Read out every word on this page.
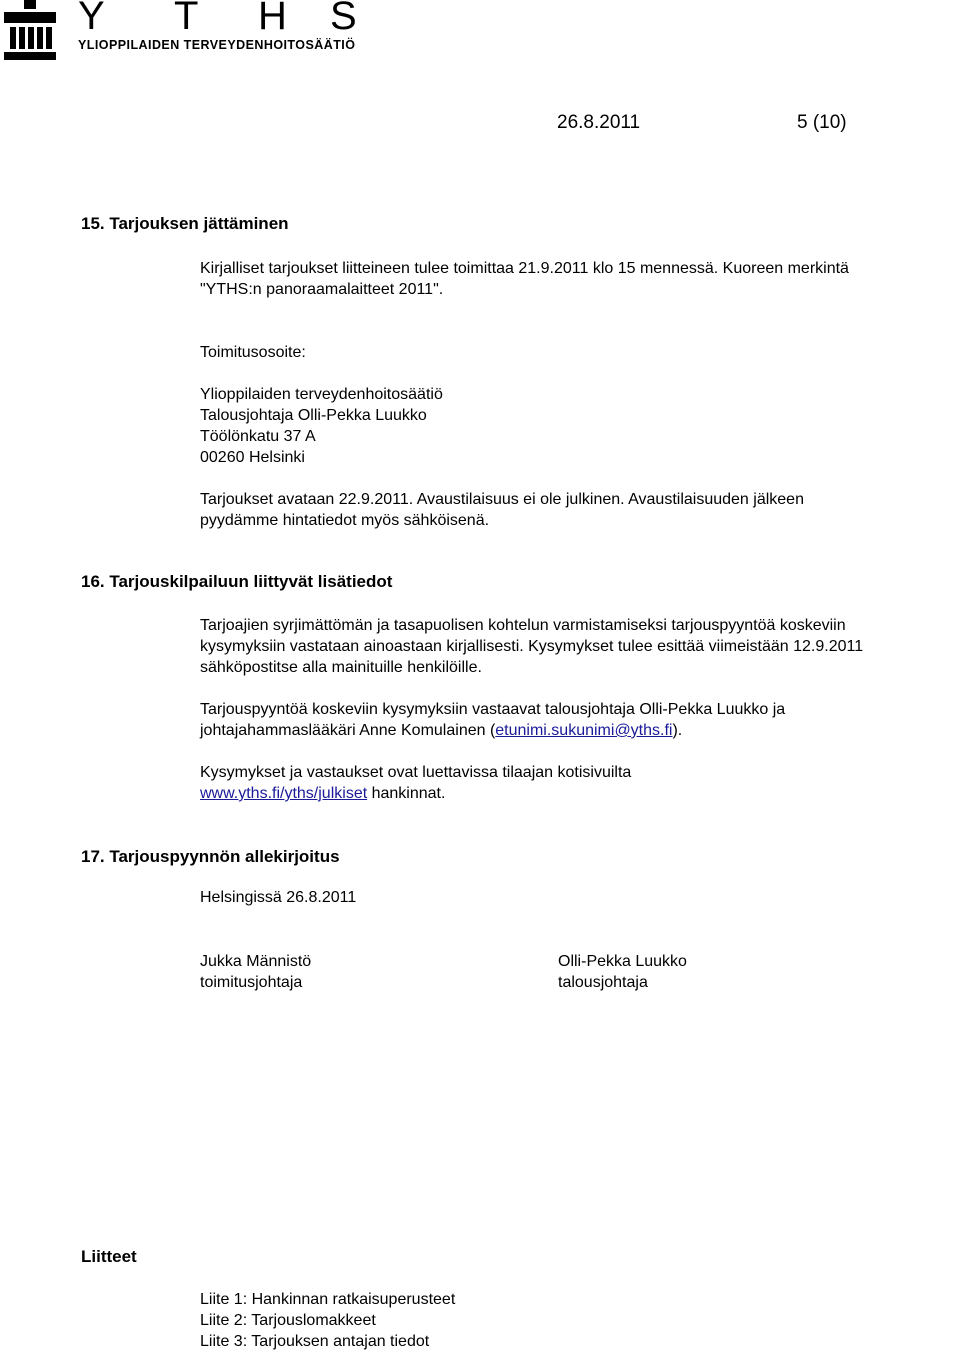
Y T H S
YLIOPPILAIDEN TERVEYDENHOITOSÄÄTIÖ
26.8.2011	5 (10)
15. Tarjouksen jättäminen
Kirjalliset tarjoukset liitteineen tulee toimittaa 21.9.2011 klo 15 mennessä. Kuoreen merkintä
"YTHS:n panoraamalaitteet 2011".
Toimitusosoite:
Ylioppilaiden terveydenhoitosäätiö
Talousjohtaja Olli-Pekka Luukko
Töölönkatu 37 A
00260 Helsinki
Tarjoukset avataan 22.9.2011. Avaustilaisuus ei ole julkinen. Avaustilaisuuden jälkeen
pyydämme hintatiedot myös sähköisenä.
16. Tarjouskilpailuun liittyvät lisätiedot
Tarjoajien syrjimättömän ja tasapuolisen kohtelun varmistamiseksi tarjouspyyntöä koskeviin
kysymyksiin vastataan ainoastaan kirjallisesti. Kysymykset tulee esittää viimeistään 12.9.2011
sähköpostitse alla mainituille henkilöille.
Tarjouspyyntöä koskeviin kysymyksiin vastaavat talousjohtaja Olli-Pekka Luukko ja
johtajahammaslääkäri Anne Komulainen (etunimi.sukunimi@yths.fi).
Kysymykset ja vastaukset ovat luettavissa tilaajan kotisivuilta
www.yths.fi/yths/julkiset hankinnat.
17. Tarjouspyynnön allekirjoitus
Helsingissä 26.8.2011
Jukka Männistö
toimitusjohtaja
Olli-Pekka Luukko
talousjohtaja
Liitteet
Liite 1: Hankinnan ratkaisuperusteet
Liite 2: Tarjouslomakkeet
Liite 3: Tarjouksen antajan tiedot
